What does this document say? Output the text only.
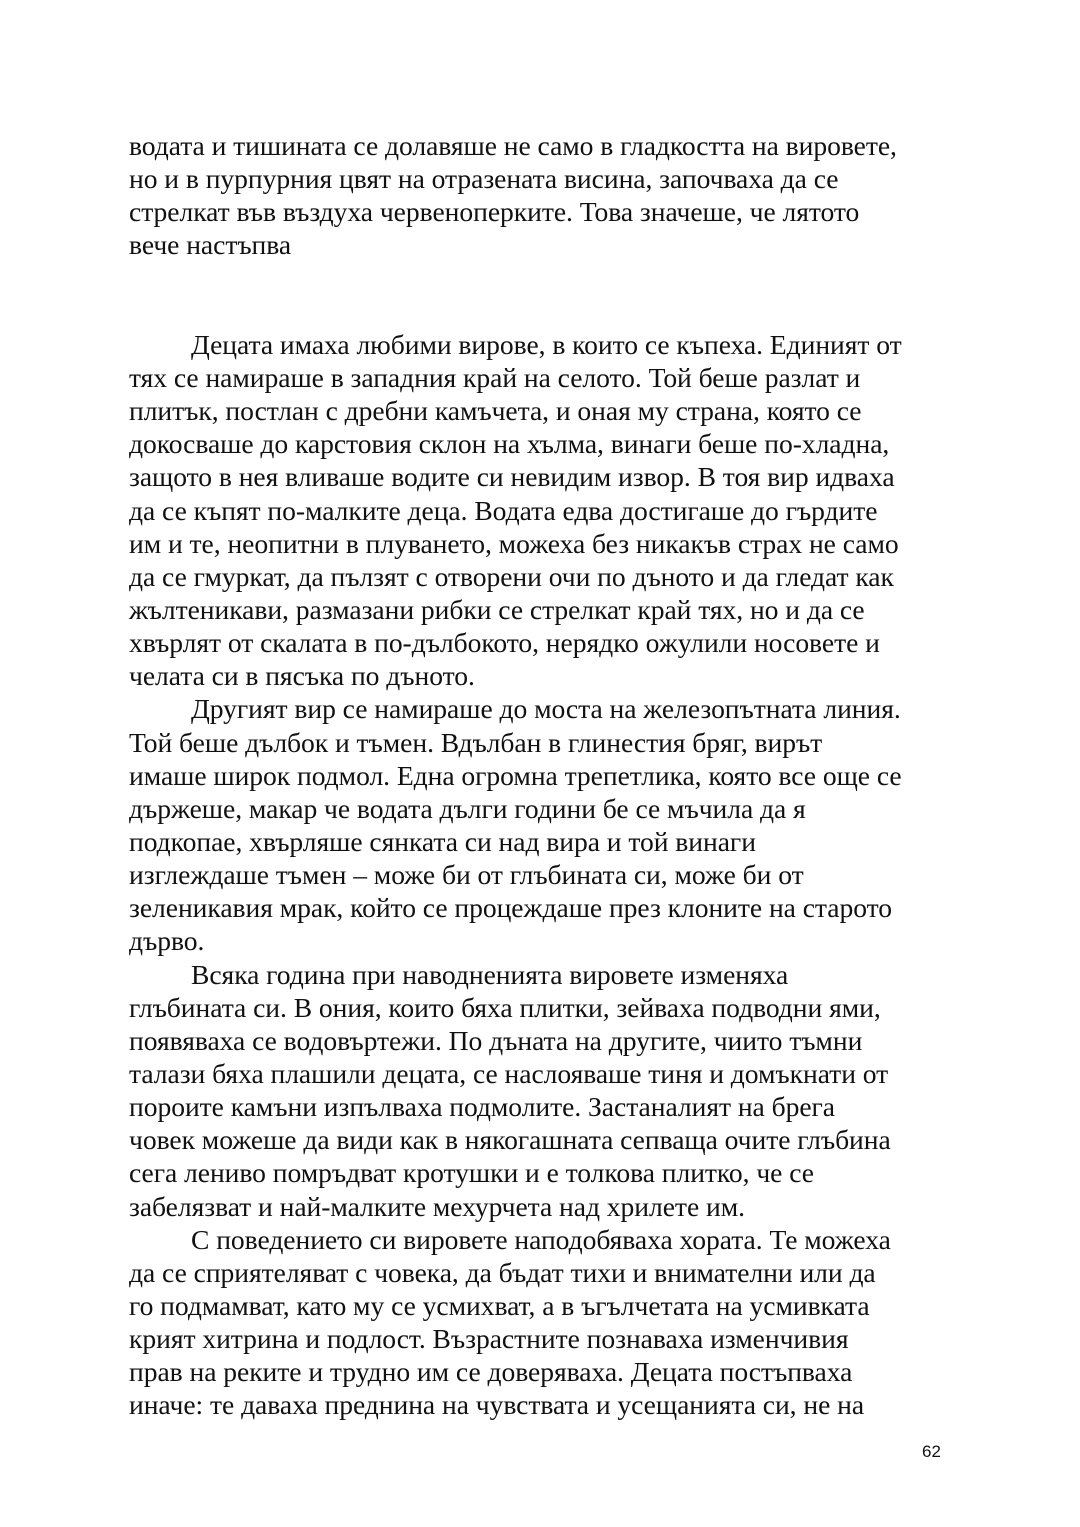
водата и тишината се долавяше не само в гладкостта на вировете,
но и в пурпурния цвят на отразената висина, започваха да се
стрелкат във въздуха червеноперките. Това значеше, че лятото
вече настъпва
Децата имаха любими вирове, в които се къпеха. Единият от
тях се намираше в западния край на селото. Той беше разлат и
плитък, постлан с дребни камъчета, и оная му страна, която се
докосваше до карстовия склон на хълма, винаги беше по-хладна,
защото в нея вливаше водите си невидим извор. В тоя вир идваха
да се къпят по-малките деца. Водата едва достигаше до гърдите
им и те, неопитни в плуването, можеха без никакъв страх не само
да се гмуркат, да пълзят с отворени очи по дъното и да гледат как
жълтеникави, размазани рибки се стрелкат край тях, но и да се
хвърлят от скалата в по-дълбокото, нерядко ожулили носовете и
челата си в пясъка по дъното.
Другият вир се намираше до моста на железопътната линия.
Той беше дълбок и тъмен. Вдълбан в глинестия бряг, вирът
имаше широк подмол. Една огромна трепетлика, която все още се
държеше, макар че водата дълги години бе се мъчила да я
подкопае, хвърляше сянката си над вира и той винаги
изглеждаше тъмен – може би от глъбината си, може би от
зеленикавия мрак, който се процеждаше през клоните на старото
дърво.
Всяка година при наводненията вировете изменяха
глъбината си. В ония, които бяха плитки, зейваха подводни ями,
появяваха се водовъртежи. По дъната на другите, чиито тъмни
талази бяха плашили децата, се наслояваше тиня и домъкнати от
пороите камъни изпълваха подмолите. Застаналият на брега
човек можеше да види как в някогашната сепваща очите глъбина
сега лениво помръдват кротушки и е толкова плитко, че се
забелязват и най-малките мехурчета над хрилете им.
С поведението си вировете наподобяваха хората. Те можеха
да се сприятеляват с човека, да бъдат тихи и внимателни или да
го подмамват, като му се усмихват, а в ъгълчетата на усмивката
крият хитрина и подлост. Възрастните познаваха изменчивия
прав на реките и трудно им се доверяваха. Децата постъпваха
иначе: те даваха преднина на чувствата и усещанията си, не на
62
